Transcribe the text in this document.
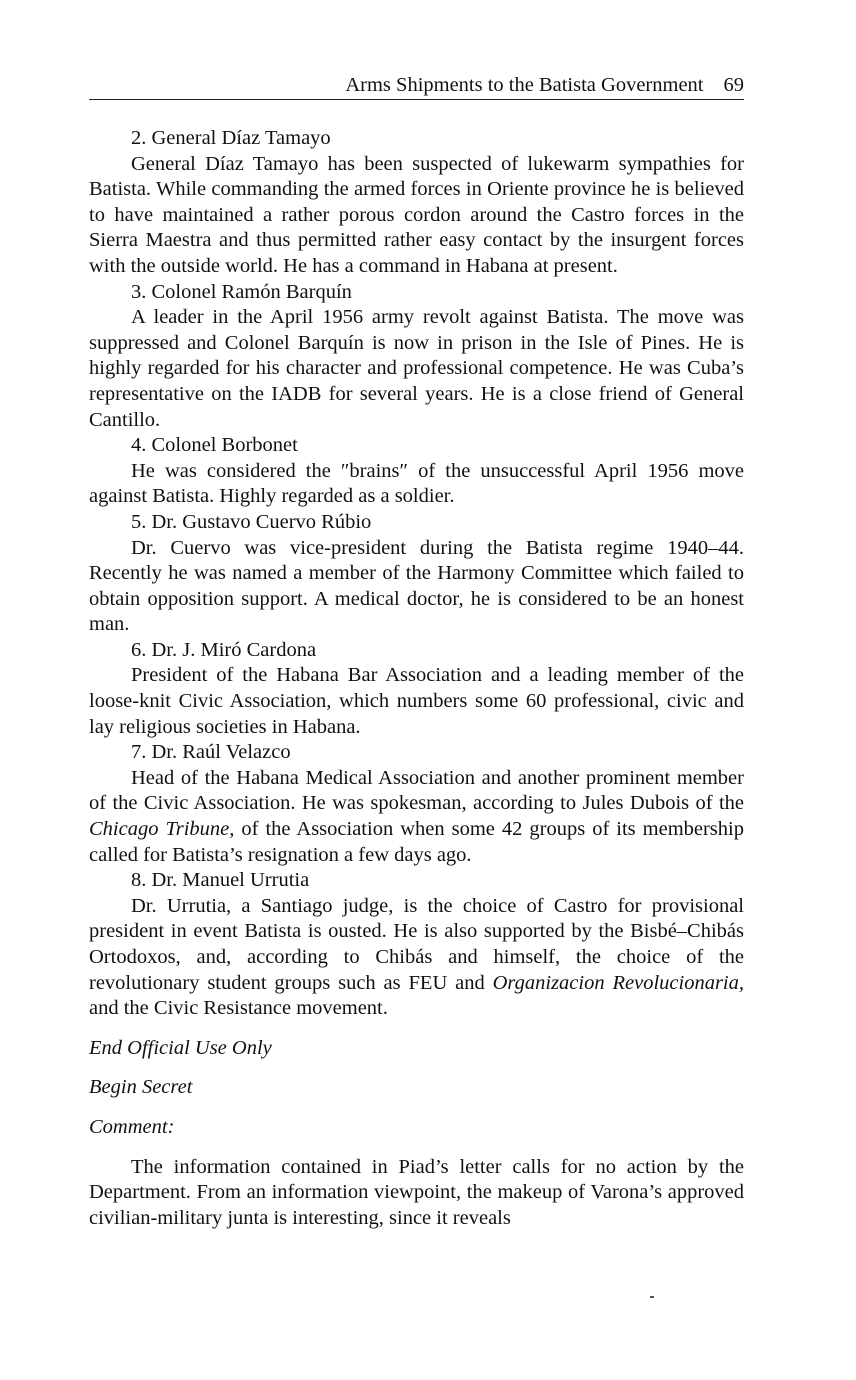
Arms Shipments to the Batista Government 69

2. General Díaz Tamayo

General Díaz Tamayo has been suspected of lukewarm sympathies for Batista. While commanding the armed forces in Oriente province he is believed to have maintained a rather porous cordon around the Castro forces in the Sierra Maestra and thus permitted rather easy contact by the insurgent forces with the outside world. He has a command in Habana at present.

3. Colonel Ramón Barquín

A leader in the April 1956 army revolt against Batista. The move was suppressed and Colonel Barquín is now in prison in the Isle of Pines. He is highly regarded for his character and professional competence. He was Cuba’s representative on the IADB for several years. He is a close friend of General Cantillo.

4. Colonel Borbonet

He was considered the ″brains″ of the unsuccessful April 1956 move against Batista. Highly regarded as a soldier.

5. Dr. Gustavo Cuervo Rúbio

Dr. Cuervo was vice-president during the Batista regime 1940–44. Recently he was named a member of the Harmony Committee which failed to obtain opposition support. A medical doctor, he is considered to be an honest man.

6. Dr. J. Miró Cardona

President of the Habana Bar Association and a leading member of the loose-knit Civic Association, which numbers some 60 professional, civic and lay religious societies in Habana.

7. Dr. Raúl Velazco

Head of the Habana Medical Association and another prominent member of the Civic Association. He was spokesman, according to Jules Dubois of the Chicago Tribune, of the Association when some 42 groups of its membership called for Batista’s resignation a few days ago.

8. Dr. Manuel Urrutia

Dr. Urrutia, a Santiago judge, is the choice of Castro for provisional president in event Batista is ousted. He is also supported by the Bisbé–Chibás Ortodoxos, and, according to Chibás and himself, the choice of the revolutionary student groups such as FEU and Organizacion Revolucionaria, and the Civic Resistance movement.

End Official Use Only

Begin Secret

Comment:

The information contained in Piad’s letter calls for no action by the Department. From an information viewpoint, the makeup of Varona’s approved civilian-military junta is interesting, since it reveals
